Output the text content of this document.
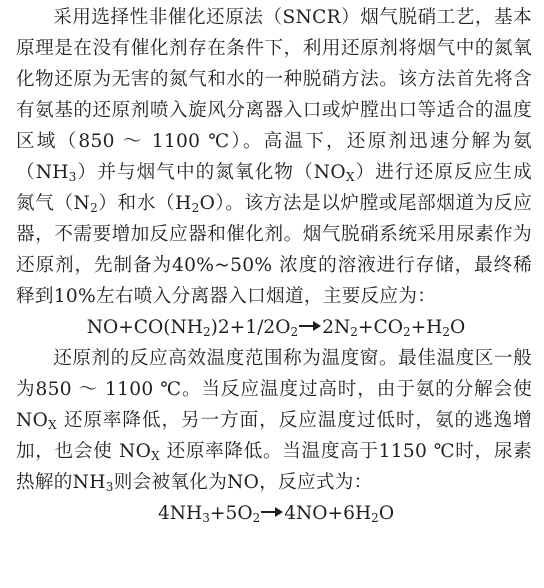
采用选择性非催化还原法（SNCR）烟气脱硝工艺，基本原理是在没有催化剂存在条件下，利用还原剂将烟气中的氮氧化物还原为无害的氮气和水的一种脱硝方法。该方法首先将含有氨基的还原剂喷入旋风分离器入口或炉膛出口等适合的温度区域（850 ～ 1100 ℃）。高温下，还原剂迅速分解为氨$(NH_3)$并与烟气中的氮氧化物$(NO_X)$进行还原反应生成氮气$(N_2)$和水$(H_2O)$。该方法是以炉膛或尾部烟道为反应器，不需要增加反应器和催化剂。烟气脱硝系统采用尿素作为还原剂，先制备为40%~50% 浓度的溶液进行存储，最终稀释到10%左右喷入分离器入口烟道，主要反应为：

$NO+CO(NH_2)2+1/2O_2$ $2N_2+CO_2+H_2O$

还原剂的反应高效温度范围称为温度窗。最佳温度区一般为850 ～ 1100 ℃。当反应温度过高时，由于氨的分解会使 $NO_X$ 还原率降低，另一方面，反应温度过低时，氨的逃逸增加，也会使 $NO_X$ 还原率降低。当温度高于1150 ℃时，尿素热解的$NH_3$则会被氧化为NO，反应式为：

$4NH_3+5O_2$ $4NO+6H_2O$
